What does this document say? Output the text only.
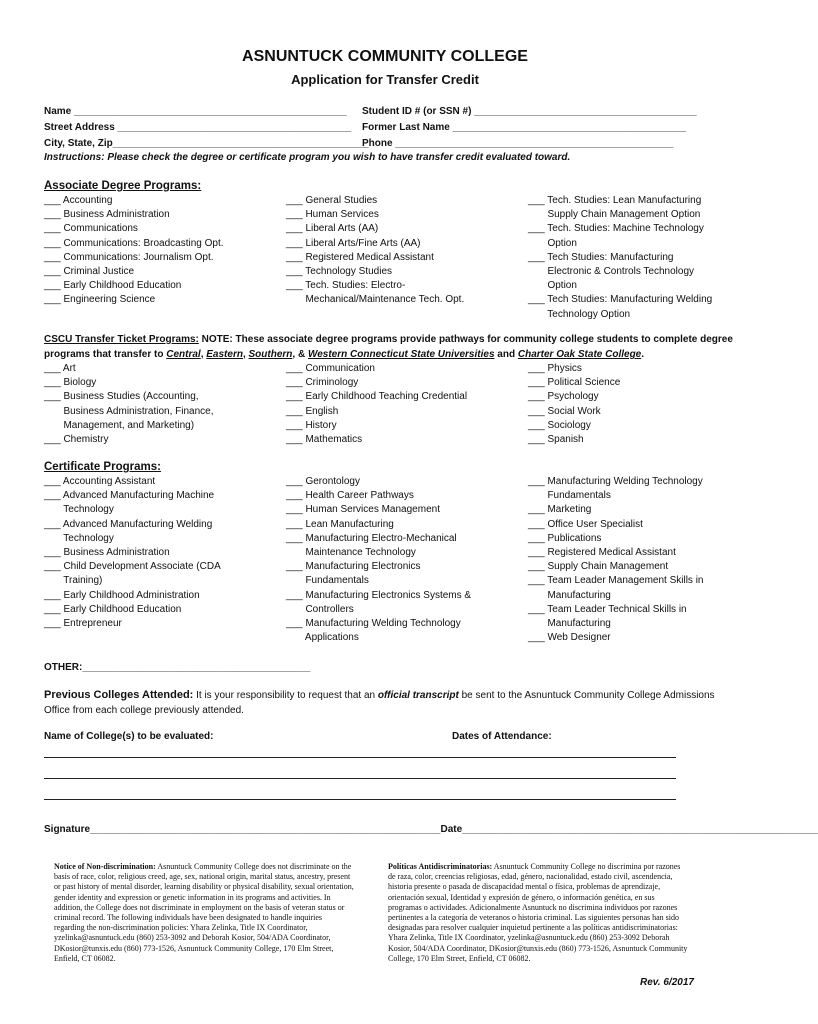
ASNUNTUCK COMMUNITY COLLEGE
Application for Transfer Credit
Name _________________________________________________ Student ID # (or SSN #) ________________________________________
Street Address __________________________________________ Former Last Name __________________________________________
City, State, Zip______________________________________________
Phone __________________________________________________
Instructions: Please check the degree or certificate program you wish to have transfer credit evaluated toward.
Associate Degree Programs:
___ Accounting
___ Business Administration
___ Communications
___ Communications: Broadcasting Opt.
___ Communications: Journalism Opt.
___ Criminal Justice
___ Early Childhood Education
___ Engineering Science
___ General Studies
___ Human Services
___ Liberal Arts (AA)
___ Liberal Arts/Fine Arts (AA)
___ Registered Medical Assistant
___ Technology Studies
___ Tech. Studies: Electro-
Mechanical/Maintenance Tech. Opt.
___ Tech. Studies: Lean Manufacturing
Supply Chain Management Option
___ Tech. Studies: Machine Technology
Option
___ Tech Studies: Manufacturing
Electronic & Controls Technology
Option
___ Tech Studies: Manufacturing Welding
Technology Option
CSCU Transfer Ticket Programs: NOTE: These associate degree programs provide pathways for community college students to complete degree programs that transfer to Central, Eastern, Southern, & Western Connecticut State Universities and Charter Oak State College.
___ Art
___ Biology
___ Business Studies (Accounting,
Business Administration, Finance,
Management, and Marketing)
___ Chemistry
___ Communication
___ Criminology
___ Early Childhood Teaching Credential
___ English
___ History
___ Mathematics
___ Physics
___ Political Science
___ Psychology
___ Social Work
___ Sociology
___ Spanish
Certificate Programs:
___ Accounting Assistant
___ Advanced Manufacturing Machine
Technology
___ Advanced Manufacturing Welding
Technology
___ Business Administration
___ Child Development Associate (CDA
Training)
___ Early Childhood Administration
___ Early Childhood Education
___ Entrepreneur
___ Gerontology
___ Health Career Pathways
___ Human Services Management
___ Lean Manufacturing
___ Manufacturing Electro-Mechanical
Maintenance Technology
___ Manufacturing Electronics
Fundamentals
___ Manufacturing Electronics Systems &
Controllers
___ Manufacturing Welding Technology
Applications
___ Manufacturing Welding Technology
Fundamentals
___ Marketing
___ Office User Specialist
___ Publications
___ Registered Medical Assistant
___ Supply Chain Management
___ Team Leader Management Skills in
Manufacturing
___ Team Leader Technical Skills in
Manufacturing
___ Web Designer
OTHER:_________________________________________
Previous Colleges Attended: It is your responsibility to request that an official transcript be sent to the Asnuntuck Community College Admissions Office from each college previously attended.
Name of College(s) to be evaluated:	Dates of Attendance:
Signature_______________________________________________________________Date________________________________________________________________
Notice of Non-discrimination: Asnuntuck Community College does not discriminate on the basis of race, color, religious creed, age, sex, national origin, marital status, ancestry, present or past history of mental disorder, learning disability or physical disability, sexual orientation, gender identity and expression or genetic information in its programs and activities. In addition, the College does not discriminate in employment on the basis of veteran status or criminal record. The following individuals have been designated to handle inquiries regarding the non-discrimination policies: Yhara Zelinka, Title IX Coordinator, yzelinka@asnuntuck.edu (860) 253-3092 and Deborah Kosior, 504/ADA Coordinator, DKosior@tunxis.edu (860) 773-1526, Asnuntuck Community College, 170 Elm Street, Enfield, CT 06082.
Políticas Antidiscriminatorias: Asnuntuck Community College no discrimina por razones de raza, color, creencias religiosas, edad, género, nacionalidad, estado civil, ascendencia, historia presente o pasada de discapacidad mental o física, problemas de aprendizaje, orientación sexual, Identidad y expresión de género, o información genética, en sus programas o actividades. Adicionalmente Asnuntuck no discrimina individuos por razones pertinentes a la categoría de veteranos o historia criminal. Las siguientes personas han sido designadas para resolver cualquier inquietud pertinente a las políticas antidiscriminatorias: Yhara Zelinka, Title IX Coordinator, yzelinka@asnuntuck.edu (860) 253-3092 Deborah Kosior, 504/ADA Coordinator, DKosior@tunxis.edu (860) 773-1526, Asnuntuck Community College, 170 Elm Street, Enfield, CT 06082.
Rev. 6/2017
